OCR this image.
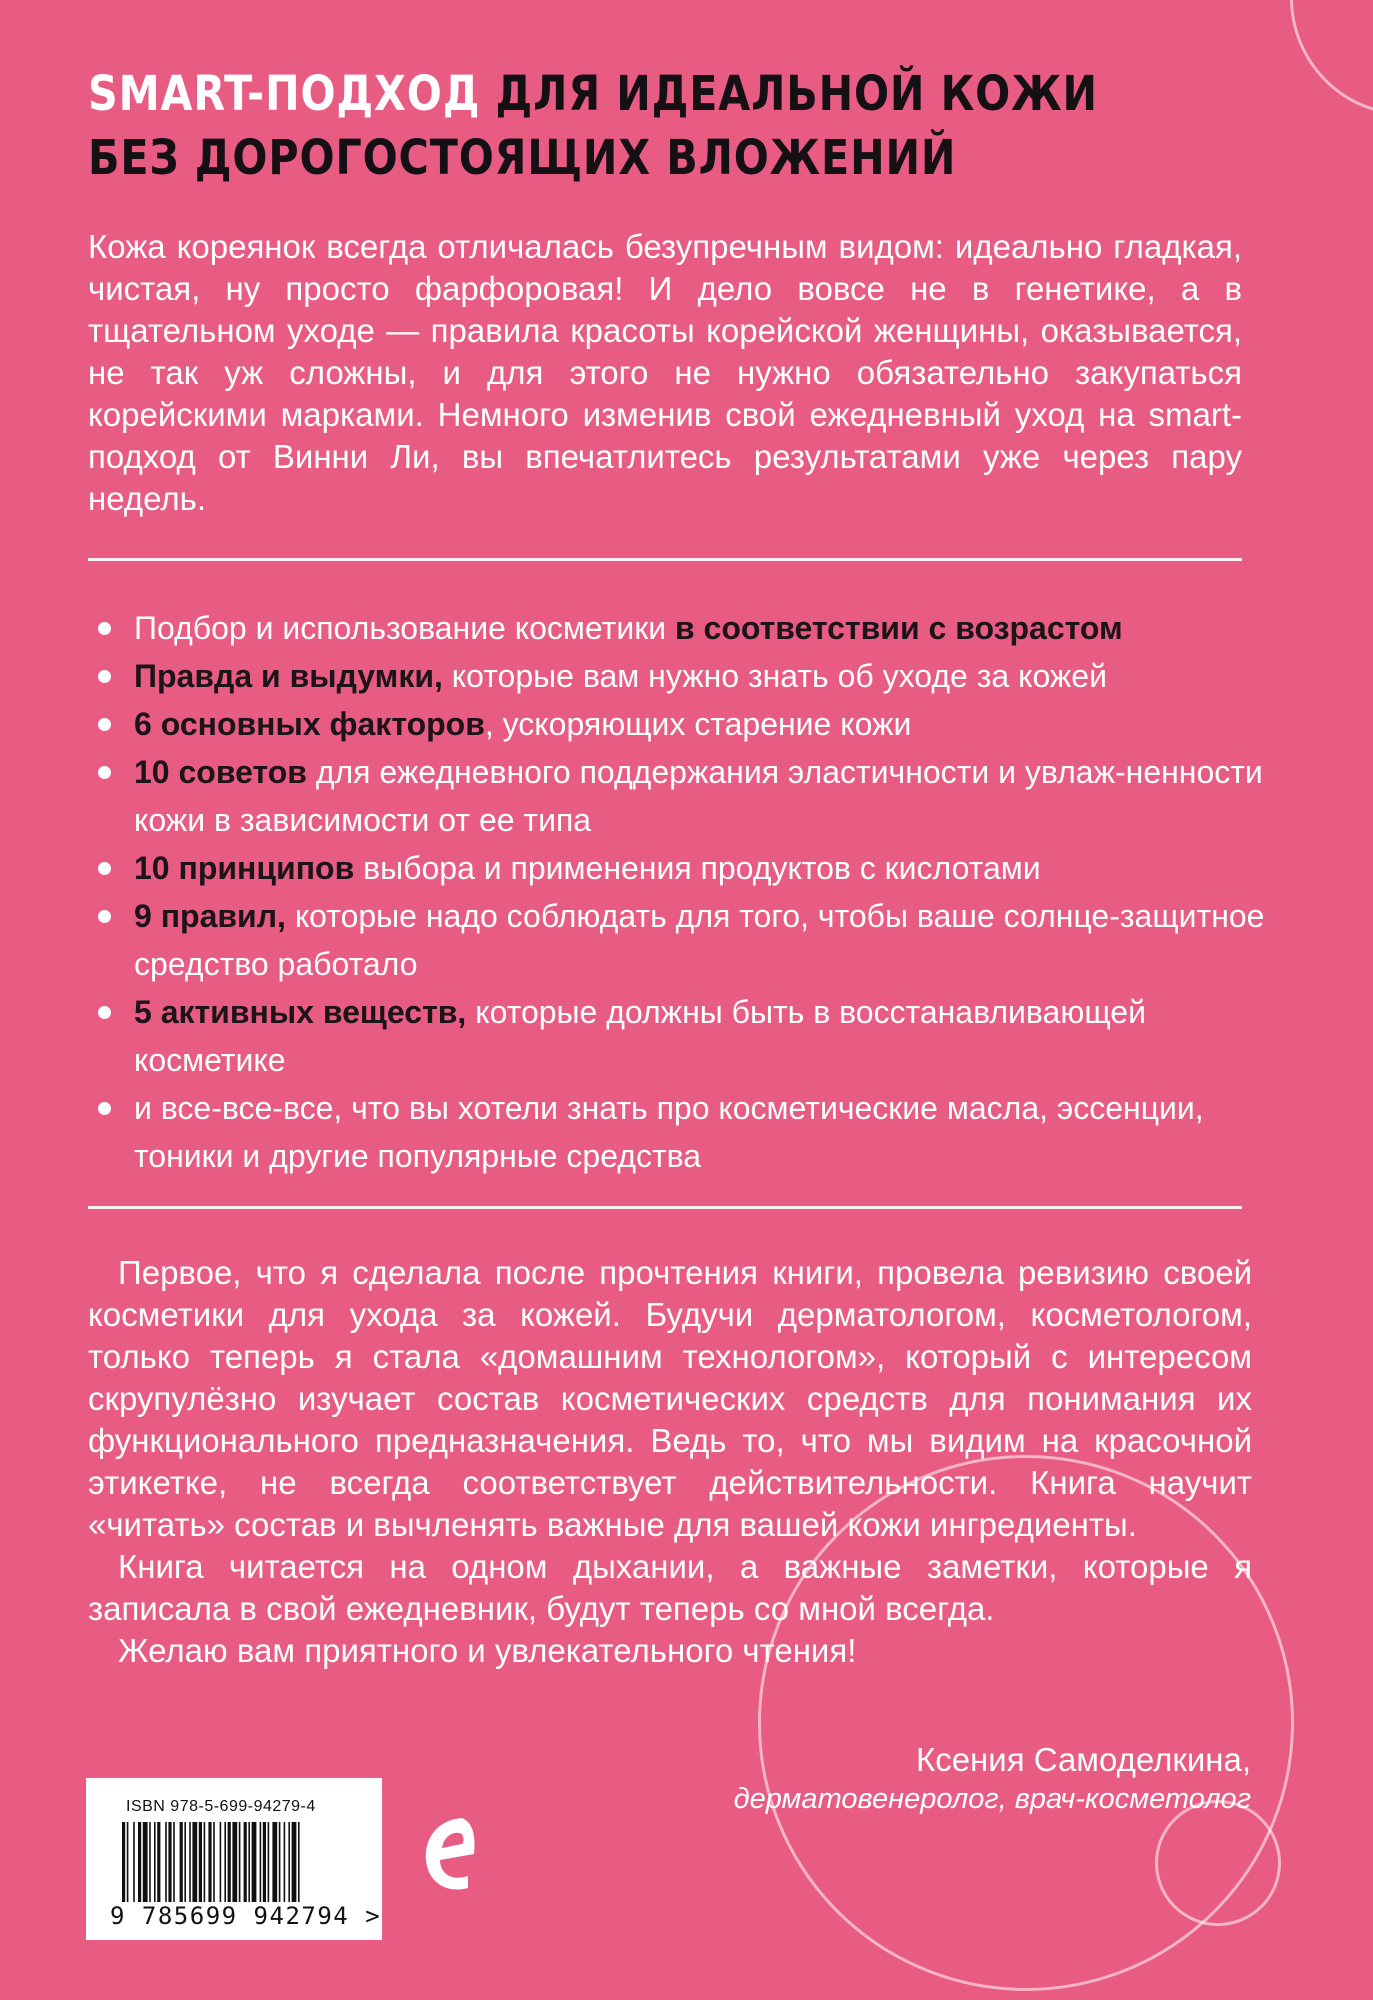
SMART-ПОДХОД ДЛЯ ИДЕАЛЬНОЙ КОЖИ
БЕЗ ДОРОГОСТОЯЩИХ ВЛОЖЕНИЙ

Кожа кореянок всегда отличалась безупречным видом: идеально гладкая, чистая, ну просто фарфоровая! И дело вовсе не в генетике, а в тщательном уходе — правила красоты корейской женщины, оказывается, не так уж сложны, и для этого не нужно обязательно закупаться корейскими марками. Немного изменив свой ежедневный уход на smart-подход от Винни Ли, вы впечатлитесь результатами уже через пару недель.

Подбор и использование косметики в соответствии с возрастом
Правда и выдумки, которые вам нужно знать об уходе за кожей
6 основных факторов, ускоряющих старение кожи
10 советов для ежедневного поддержания эластичности и увлаж-ненности кожи в зависимости от ее типа
10 принципов выбора и применения продуктов с кислотами
9 правил, которые надо соблюдать для того, чтобы ваше солнце-защитное средство работало
5 активных веществ, которые должны быть в восстанавливающей косметике
и все-все-все, что вы хотели знать про косметические масла, эссенции, тоники и другие популярные средства

Первое, что я сделала после прочтения книги, провела ревизию своей косметики для ухода за кожей. Будучи дерматологом, косметологом, только теперь я стала «домашним технологом», который с интересом скрупулёзно изучает состав косметических средств для понимания их функционального предназначения. Ведь то, что мы видим на красочной этикетке, не всегда соответствует действительности. Книга научит «читать» состав и вычленять важные для вашей кожи ингредиенты.

Книга читается на одном дыхании, а важные заметки, которые я записала в свой ежедневник, будут теперь со мной всегда.

Желаю вам приятного и увлекательного чтения!

Ксения Самоделкина,
дерматовенеролог, врач-косметолог
ISBN 978-5-699-94279-4
9 785699 942794 >
